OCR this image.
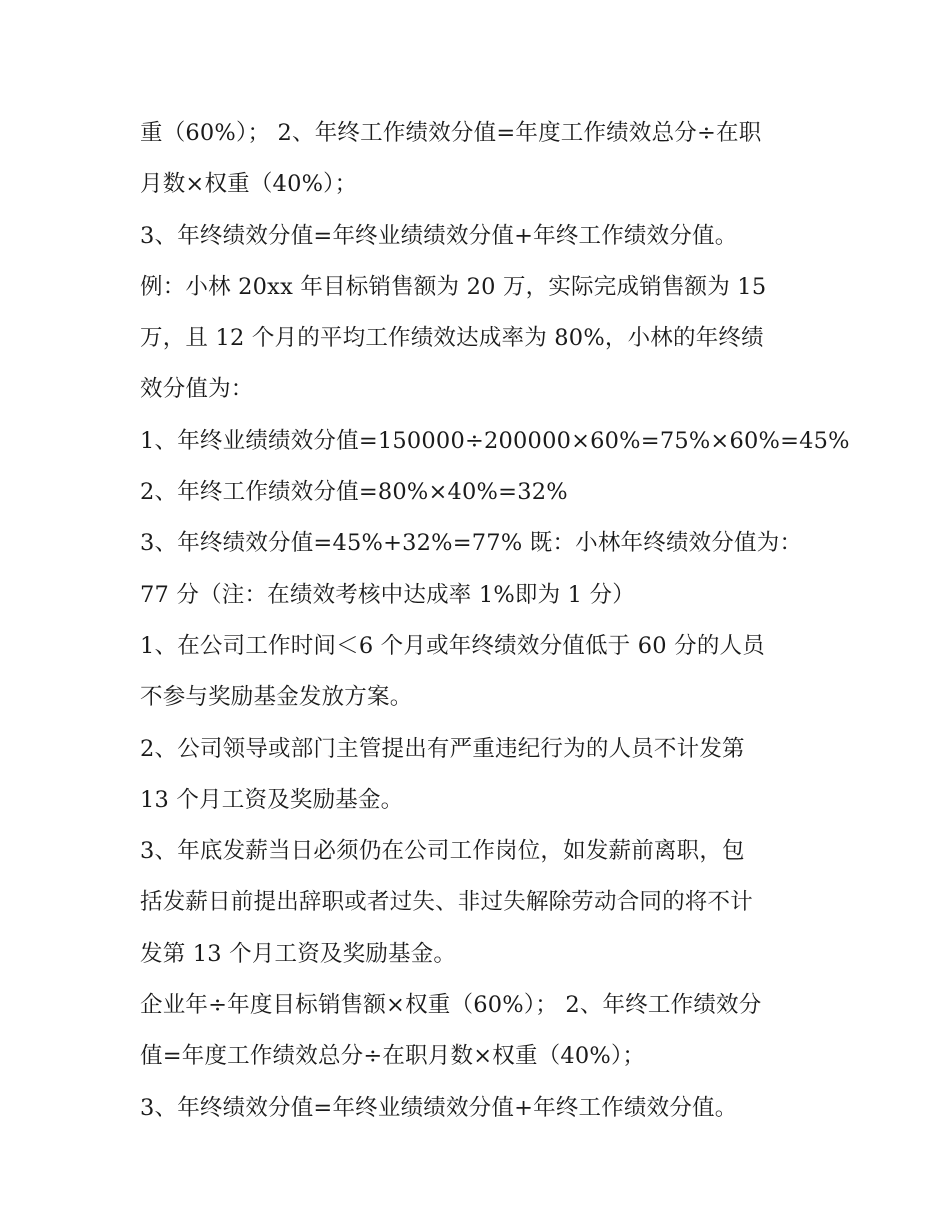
重（60%）； 2、年终工作绩效分值=年度工作绩效总分÷在职
月数×权重（40%）；
3、年终绩效分值=年终业绩绩效分值+年终工作绩效分值。
例：小林 20xx 年目标销售额为 20 万，实际完成销售额为 15
万，且 12 个月的平均工作绩效达成率为 80%，小林的年终绩
效分值为：
1、年终业绩绩效分值=150000÷200000×60%=75%×60%=45%
2、年终工作绩效分值=80%×40%=32%
3、年终绩效分值=45%+32%=77% 既：小林年终绩效分值为：
77 分（注：在绩效考核中达成率 1%即为 1 分）
1、在公司工作时间＜6 个月或年终绩效分值低于 60 分的人员
不参与奖励基金发放方案。
2、公司领导或部门主管提出有严重违纪行为的人员不计发第
13 个月工资及奖励基金。
3、年底发薪当日必须仍在公司工作岗位，如发薪前离职，包
括发薪日前提出辞职或者过失、非过失解除劳动合同的将不计
发第 13 个月工资及奖励基金。
企业年÷年度目标销售额×权重（60%）； 2、年终工作绩效分
值=年度工作绩效总分÷在职月数×权重（40%）；
3、年终绩效分值=年终业绩绩效分值+年终工作绩效分值。
